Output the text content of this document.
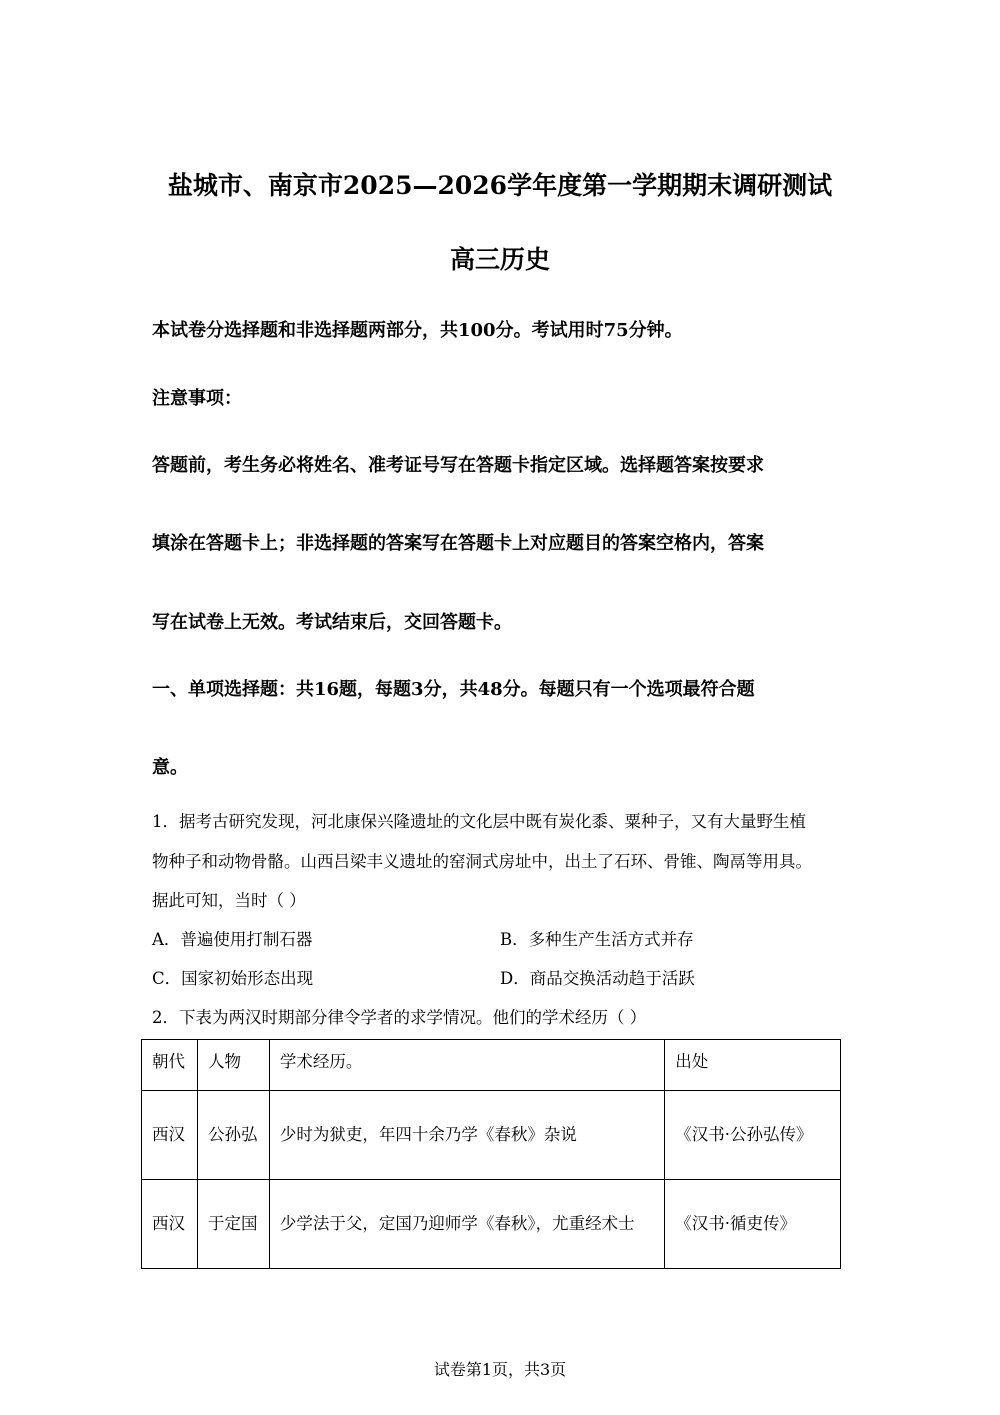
盐城市、南京市2025—2026学年度第一学期期末调研测试
高三历史
本试卷分选择题和非选择题两部分，共100分。考试用时75分钟。
注意事项：
答题前，考生务必将姓名、准考证号写在答题卡指定区域。选择题答案按要求
填涂在答题卡上；非选择题的答案写在答题卡上对应题目的答案空格内，答案
写在试卷上无效。考试结束后，交回答题卡。
一、单项选择题：共16题，每题3分，共48分。每题只有一个选项最符合题
意。
1．据考古研究发现，河北康保兴隆遗址的文化层中既有炭化黍、粟种子，又有大量野生植
物种子和动物骨骼。山西吕梁丰义遗址的窑洞式房址中，出土了石环、骨锥、陶鬲等用具。
据此可知，当时（ ）
A．普遍使用打制石器	B．多种生产生活方式并存
C．国家初始形态出现	D．商品交换活动趋于活跃
2．下表为两汉时期部分律令学者的求学情况。他们的学术经历（ ）
朝代	人物	学术经历。	出处
西汉	公孙弘	少时为狱吏，年四十余乃学《春秋》杂说	《汉书·公孙弘传》
西汉	于定国	少学法于父，定国乃迎师学《春秋》，尤重经术士	《汉书·循吏传》
试卷第1页，共3页
